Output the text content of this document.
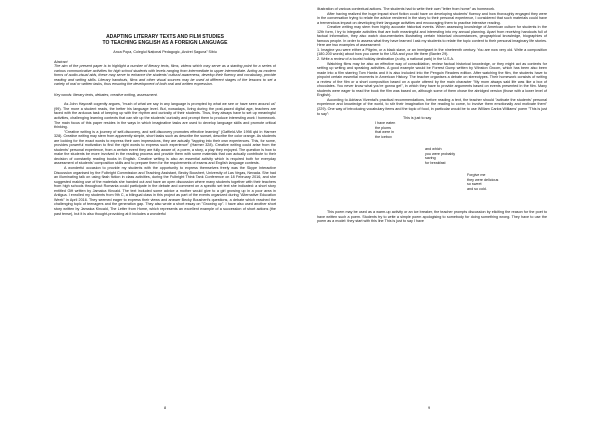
ADAPTING LITERARY TEXTS AND FILM STUDIES
TO TEACHING ENGLISH AS A FOREIGN LANGUAGE
Anca Popa, Colegiul Național Pedagogic „Andrei Șaguna” Sibiu
Abstract
The aim of the present paper is to highlight a number of literary texts, films, videos which may serve as a starting point for a series of various communicative activities for high school students with levels ranging from intermediate to upper intermediate. Acting as modern forms of audio-visual aids, these may serve to enhance the students' cultural awareness, develop their fluency and vocabulary, provide reading and writing skills. Literary handouts, films and other visual sources may be used at different stages of the lessons to set a variety of oral or written tasks, thus ensuring the development of both oral and written expression.
Key words: literary texts, debates, creative writing, assessment.

As John Haycraft cogently argues, "much of what we say in any language is prompted by what we see or have seen around us" (99). The more a student reads, the better his language level. But, nowadays, living during the post-paced digital age, teachers are faced with the arduous task of keeping up with the rhythm and curiosity of their students. Thus, they always have to set up meaningful activities, challenging learning contexts that can stir up the students' curiosity and prompt them to produce interesting work / homework. The main focus of this paper resides in the ways in which imaginative tasks are used to develop language skills and promote critical thinking.

"Creative writing is a journey of self-discovery, and self-discovery promotes effective learning" (Gaffield-Vile 1998 qtd in Harmer 328). Creative writing may stem from apparently simple, short tasks such as describe the sunset, describe the color orange. As students are looking for the exact words to express their own impressions, they are actually "tapping into their own experiences. This, for some, provides powerful motivation to find the right words to express such experience" (Harmer 328). Creative writing could arise from the students' personal experience, from a certain event they are fully aware of, a poem, a story, a play they enjoyed. The question is how to make the students be more involved in the reading process and provide them with some materials that can actually contribute to their decision of constantly reading books in English. Creative writing is also an essential activity which is required both for everyday assessment of students' composition skills and to prepare them for the requirements of exams and English language contests.

A wonderful occasion to provide my students with the opportunity to express themselves freely was the Skype Interactive Discussion organised by the Fulbright Commission and Teaching Assistant, Becky Boushert, University of Las Vegas, Nevada. She had an illuminating talk on using flash fiction in class activities, during the Fulbright Think Tank Conference on 18 February 2016, and she suggested making use of the materials she handed out and have an open discussion where many students together with their teachers from high schools throughout Romania could participate in the debate and comment on a specific set text she indicated: a short story entitled Gift written by Jamaica Kincaid. The text included some advice a mother would give to a girl growing up in a poor area in Antigua. I enrolled my students from 9th C, a bilingual class in this project as part of the events organized during "Alternative Education Week" in April 2016. They seemed eager to express their views and answer Becky Boushert's questions, a debate which reached the challenging topic of teenagers and the generation gap. They also wrote a short essay on "Growing up". I have also used another short story written by Jamaica Kincaid, The Letter from Home, which represents an excellent example of a succession of short actions (the past tense), but it is also thought-provoking at it includes a wonderful

illustration of various contextual actions. The students had to write their own "letter from home" as homework.

After having realized the huge impact short fiction could have on developing students' fluency and how thoroughly engaged they were in the conversation trying to relate the advice rendered in the story to their personal experience, I considered that such materials could have a tremendous impact on developing their language activities and encouraging them to practise intensive reading.

Creative writing may stem from highly accurate historical events. When assessing knowledge of American culture for students in the 12th form, I try to integrate activities that are both meaningful and interesting into my annual planning. Apart from receiving handouts full of factual information, they also watch documentaries illustrating certain historical circumstances, geographical knowledge, biographies of famous people. In order to assess what they have learned I ask my students to relate the topic content to their personal imaginary life stories. Here are two examples of assessment:

1. Imagine you were either a Pilgrim, or a black slave, or an immigrant in the nineteenth century. You are now very old. Write a composition (180-200 words) about how you came to the USA and your life there (Baxter 29).

2. Write a review of a tourist holiday destination (a city, a national park) in the U.S.A.

Watching films may be also an effective way of consolidation, review factual historical knowledge, or they might act as contexts for setting up writing and speaking activities. A good example would be Forrest Gump written by Winston Groom, which has been also been made into a film starring Tom Hanks and it is also included into the Penguin Readers edition. After watching the film, the students have to pinpoint certain essential moments in American History. The teacher organises a debate on stereotypes. Their homework consists of writing a review of the film or a short composition based on a quote uttered by the main character "My mom always said life was like a box of chocolates. You never know what you're gonna get", in which they have to provide arguments based on events presented in the film. Many students were eager to read the book the film was based on, although some of them chose the abridged version (those with a lower level of English).

According to Adriana Vizental's practical recommendations, before reading a text, the teacher should "activate the students' personal experience and knowledge of the world, to stir their imagination for the reading to come, to involve them emotionally and motivate them" (229). One way of introducing vocabulary items and the topic of food, in particular would be to use William Carlos Williams' poem "This is just to say":

This is just to say
I have eaten
the plums
that were in
the icebox
and which
you were probably
saving
for breakfast
Forgive me
they were delicious
so sweet
and so cold.

This poem may be used as a warm-up activity or an ice breaker, the teacher prompts discussion by eliciting the reason for the poet to have written such a poem. Students try to write a simple poem apologising to somebody for doing something wrong. They have to use the poem as a model: they start with this line This is just to say I have

8	9
